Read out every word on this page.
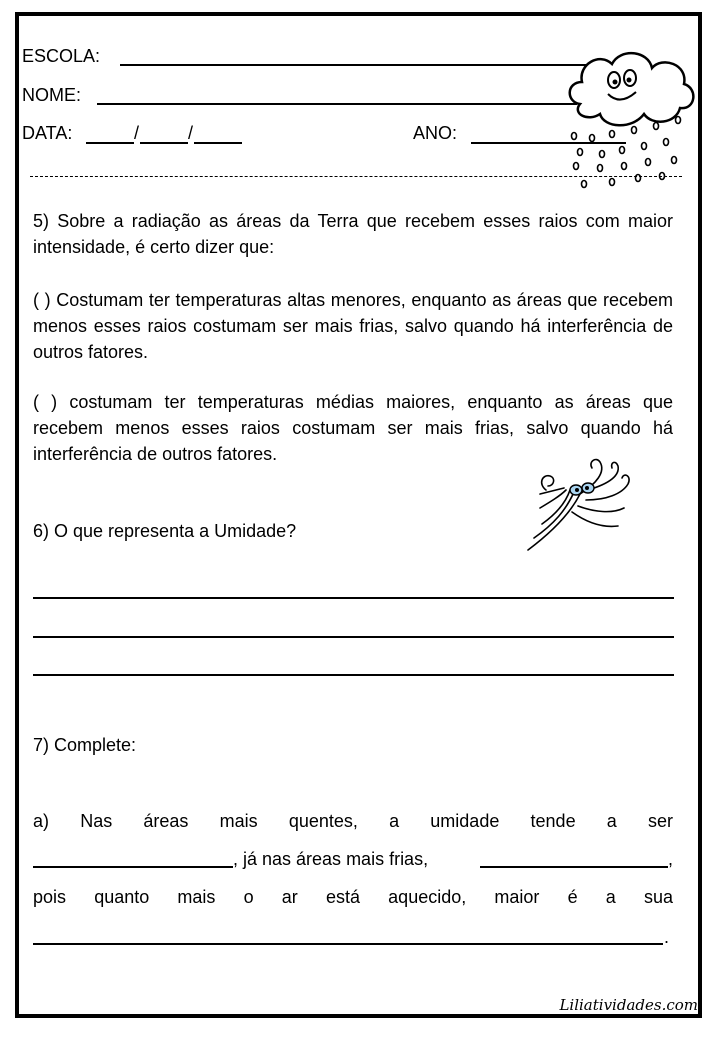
ESCOLA:
NOME:
DATA:	/	/	ANO:
5) Sobre a radiação as áreas da Terra que recebem esses raios com maior intensidade, é certo dizer que:
( ) Costumam ter temperaturas altas menores, enquanto as áreas que recebem menos esses raios costumam ser mais frias, salvo quando há interferência de outros fatores.
( ) costumam ter temperaturas médias maiores, enquanto as áreas que recebem menos esses raios costumam ser mais frias, salvo quando há interferência de outros fatores.
6) O que representa a Umidade?
7) Complete:
a) Nas áreas mais quentes, a umidade tende a ser
, já nas áreas mais frias,	,
pois quanto mais o ar está aquecido, maior é a sua
.
Liliatividades.com
